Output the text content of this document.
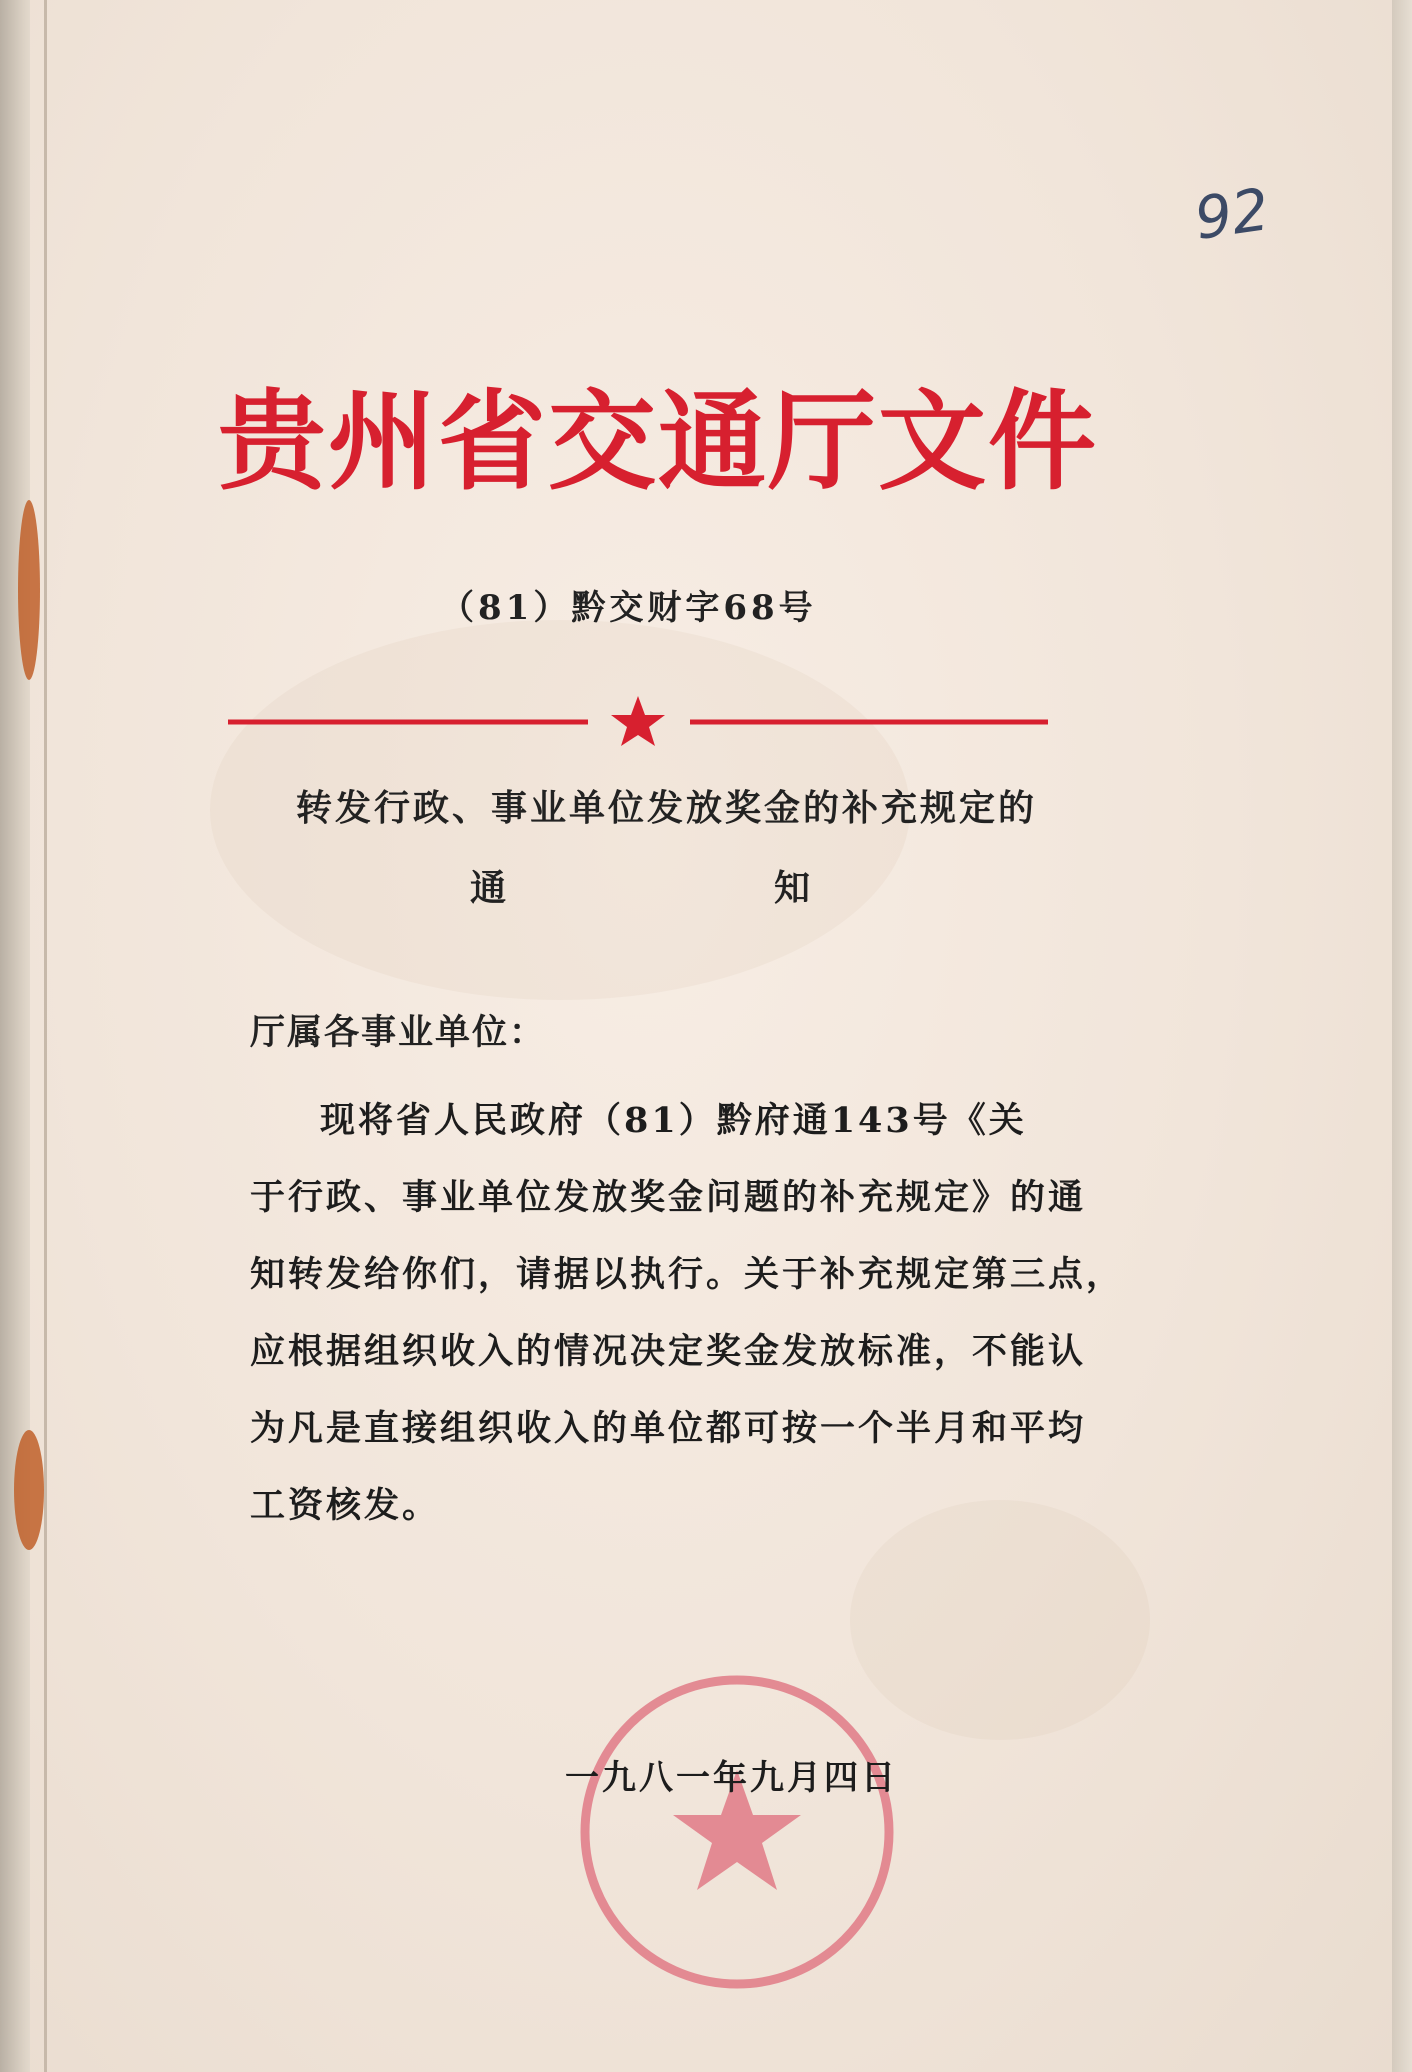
92
贵州省交通厅文件
（81）黔交财字68号
转发行政、事业单位发放奖金的补充规定的
通	知
厅属各事业单位：
现将省人民政府（81）黔府通143号《关
于行政、事业单位发放奖金问题的补充规定》的通
知转发给你们，请据以执行。关于补充规定第三点，
应根据组织收入的情况决定奖金发放标准，不能认
为凡是直接组织收入的单位都可按一个半月和平均
工资核发。
一九八一年九月四日
